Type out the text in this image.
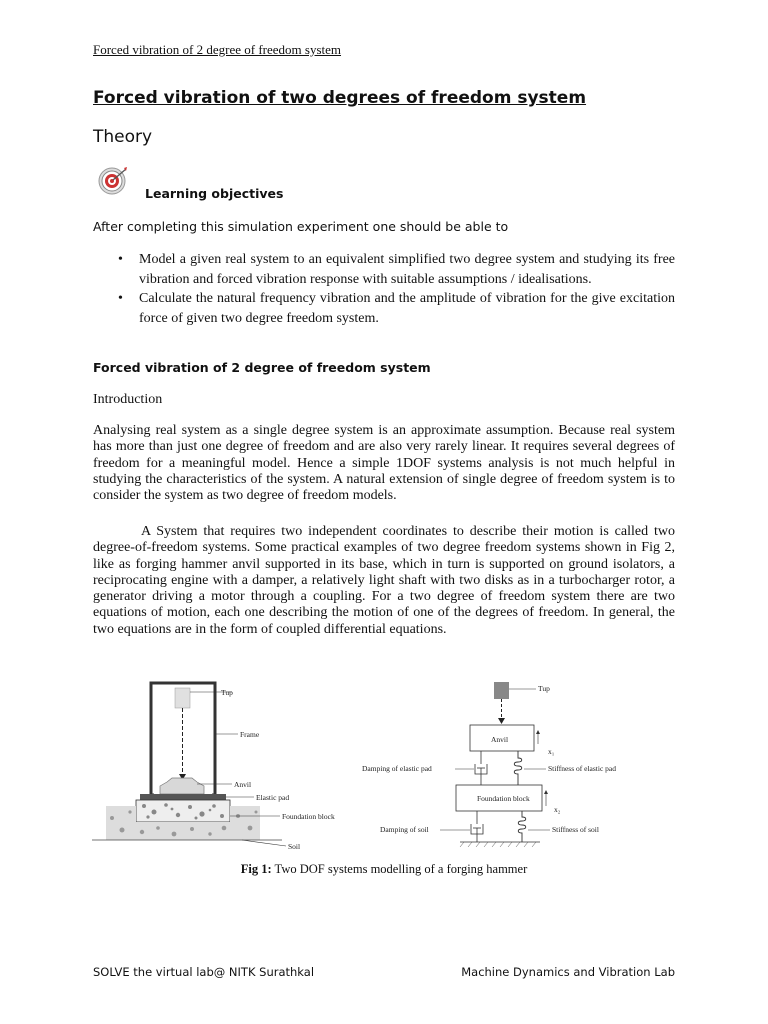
Forced vibration of 2 degree of freedom system
Forced vibration of two degrees of freedom system
Theory
Learning objectives
After completing this simulation experiment one should be able to
• Model a given real system to an equivalent simplified two degree system and studying its free vibration and forced vibration response with suitable assumptions / idealisations.
• Calculate the natural frequency vibration and the amplitude of vibration for the give excitation force of given two degree freedom system.
Forced vibration of 2 degree of freedom system
Introduction

Analysing real system as a single degree system is an approximate assumption. Because real system has more than just one degree of freedom and are also very rarely linear. It requires several degrees of freedom for a meaningful model. Hence a simple 1DOF systems analysis is not much helpful in studying the characteristics of the system. A natural extension of single degree of freedom system is to consider the system as two degree of freedom models.

A System that requires two independent coordinates to describe their motion is called two degree-of-freedom systems. Some practical examples of two degree freedom systems shown in Fig 2, like as forging hammer anvil supported in its base, which in turn is supported on ground isolators, a reciprocating engine with a damper, a relatively light shaft with two disks as in a turbocharger rotor, a generator driving a motor through a coupling. For a two degree of freedom system there are two equations of motion, each one describing the motion of one of the degrees of freedom. In general, the two equations are in the form of coupled differential equations.

Tup
Frame
Anvil
Elastic pad
Foundation block
Soil
Tup
Anvil
x₁
Damping of elastic pad	Stiffness of elastic pad
Foundation block
x₂
Damping of soil	Stiffness of soil
Fig 1: Two DOF systems modelling of a forging hammer
SOLVE the virtual lab@ NITK Surathkal	Machine Dynamics and Vibration Lab
